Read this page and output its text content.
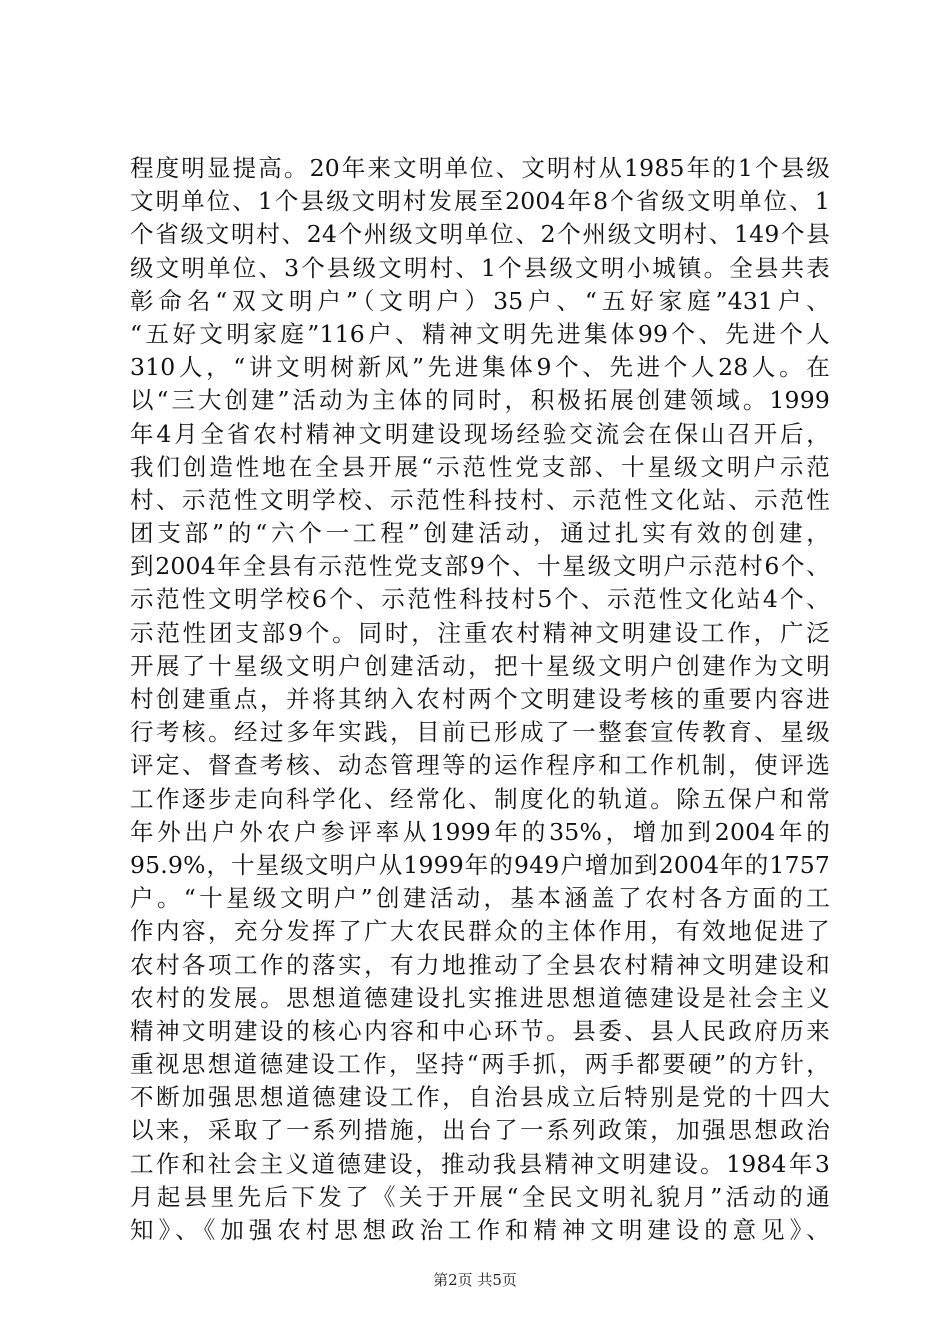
程度明显提高。20年来文明单位、文明村从1985年的1个县级
文明单位、1个县级文明村发展至2004年8个省级文明单位、1
个省级文明村、24个州级文明单位、2个州级文明村、149个县
级文明单位、3个县级文明村、1个县级文明小城镇。全县共表
彰命名“双文明户”（文明户）35户、“五好家庭”431户、
“五好文明家庭”116户、精神文明先进集体99个、先进个人
310人，“讲文明树新风”先进集体9个、先进个人28人。在
以“三大创建”活动为主体的同时，积极拓展创建领域。1999
年4月全省农村精神文明建设现场经验交流会在保山召开后，
我们创造性地在全县开展“示范性党支部、十星级文明户示范
村、示范性文明学校、示范性科技村、示范性文化站、示范性
团支部”的“六个一工程”创建活动，通过扎实有效的创建，
到2004年全县有示范性党支部9个、十星级文明户示范村6个、
示范性文明学校6个、示范性科技村5个、示范性文化站4个、
示范性团支部9个。同时，注重农村精神文明建设工作，广泛
开展了十星级文明户创建活动，把十星级文明户创建作为文明
村创建重点，并将其纳入农村两个文明建设考核的重要内容进
行考核。经过多年实践，目前已形成了一整套宣传教育、星级
评定、督查考核、动态管理等的运作程序和工作机制，使评选
工作逐步走向科学化、经常化、制度化的轨道。除五保户和常
年外出户外农户参评率从1999年的35%，增加到2004年的
95.9%，十星级文明户从1999年的949户增加到2004年的1757
户。“十星级文明户”创建活动，基本涵盖了农村各方面的工
作内容，充分发挥了广大农民群众的主体作用，有效地促进了
农村各项工作的落实，有力地推动了全县农村精神文明建设和
农村的发展。思想道德建设扎实推进思想道德建设是社会主义
精神文明建设的核心内容和中心环节。县委、县人民政府历来
重视思想道德建设工作，坚持“两手抓，两手都要硬”的方针，
不断加强思想道德建设工作，自治县成立后特别是党的十四大
以来，采取了一系列措施，出台了一系列政策，加强思想政治
工作和社会主义道德建设，推动我县精神文明建设。1984年3
月起县里先后下发了《关于开展“全民文明礼貌月”活动的通
知》、《加强农村思想政治工作和精神文明建设的意见》、
第2页 共5页
